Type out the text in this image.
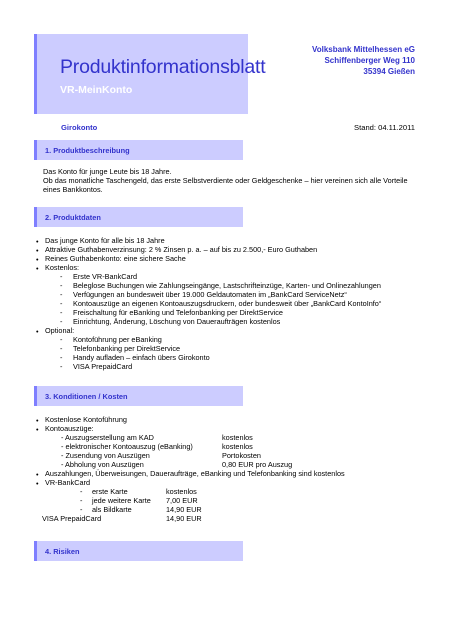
Produktinformationsblatt
VR-MeinKonto
Volksbank Mittelhessen eG
Schiffenberger Weg 110
35394 Gießen
Girokonto	Stand: 04.11.2011
1. Produktbeschreibung
Das Konto für junge Leute bis 18 Jahre.
Ob das monatliche Taschengeld, das erste Selbstverdiente oder Geldgeschenke – hier vereinen sich alle Vorteile
eines Bankkontos.
2. Produktdaten
• Das junge Konto für alle bis 18 Jahre
• Attraktive Guthabenverzinsung: 2 % Zinsen p. a. – auf bis zu 2.500,- Euro Guthaben
• Reines Guthabenkonto: eine sichere Sache
• Kostenlos:
- Erste VR-BankCard
- Beleglose Buchungen wie Zahlungseingänge, Lastschrifteinzüge, Karten- und Onlinezahlungen
- Verfügungen an bundesweit über 19.000 Geldautomaten im „BankCard ServiceNetz“
- Kontoauszüge an eigenen Kontoauszugsdruckern, oder bundesweit über „BankCard KontoInfo“
- Freischaltung für eBanking und Telefonbanking per DirektService
- Einrichtung, Änderung, Löschung von Daueraufträgen kostenlos
• Optional:
- Kontoführung per eBanking
- Telefonbanking per DirektService
- Handy aufladen – einfach übers Girokonto
- VISA PrepaidCard
3. Konditionen / Kosten
• Kostenlose Kontoführung
• Kontoauszüge:
- Auszugserstellung am KAD	kostenlos
- elektronischer Kontoauszug (eBanking)	kostenlos
- Zusendung von Auszügen	Portokosten
- Abholung von Auszügen	0,80 EUR pro Auszug
• Auszahlungen, Überweisungen, Daueraufträge, eBanking und Telefonbanking sind kostenlos
• VR-BankCard
- erste Karte	kostenlos
- jede weitere Karte 7,00 EUR
- als Bildkarte	14,90 EUR
VISA PrepaidCard	14,90 EUR
4. Risiken
